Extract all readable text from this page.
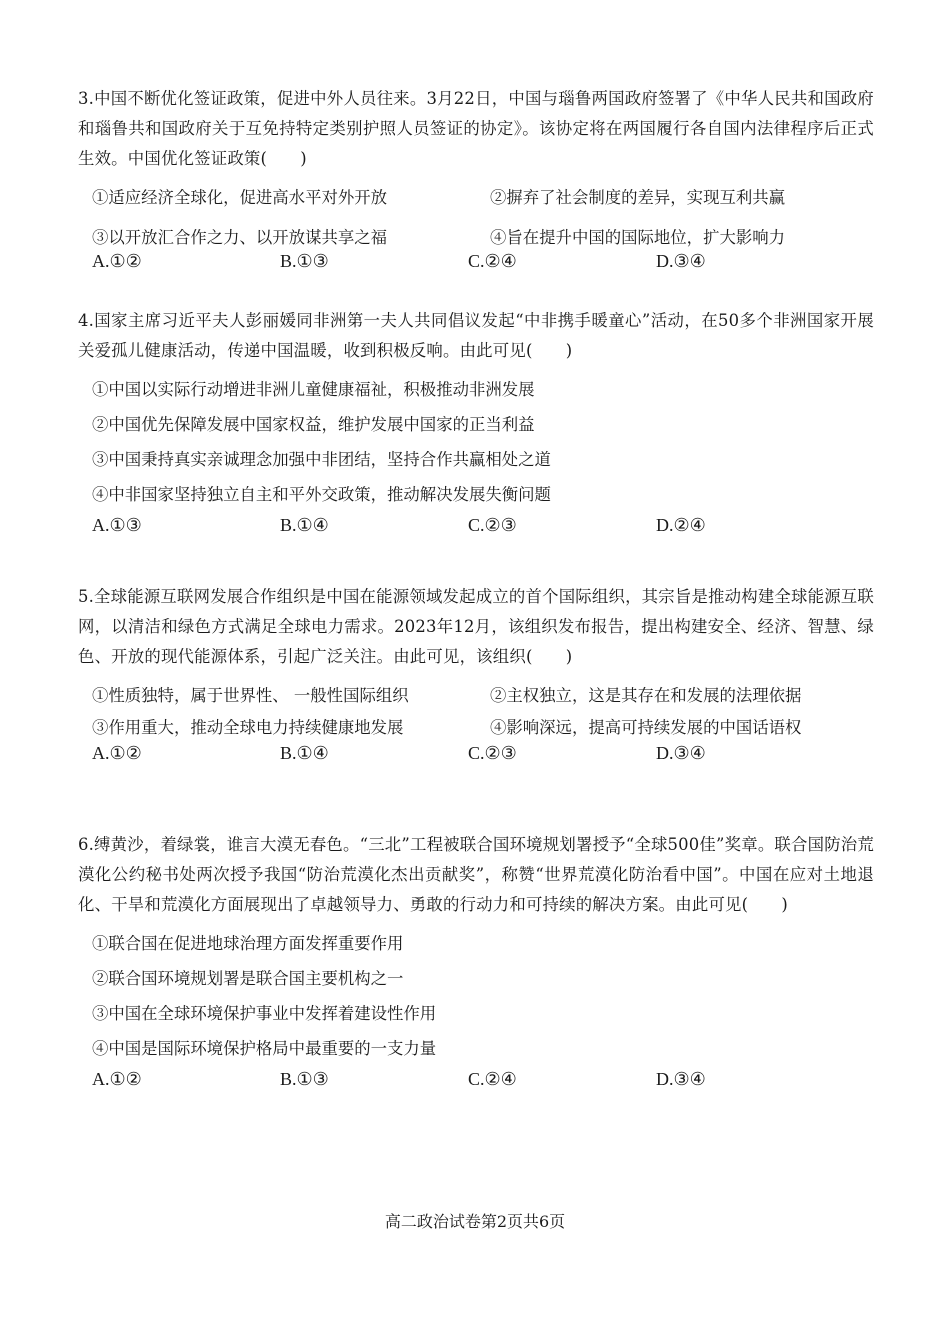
3.中国不断优化签证政策，促进中外人员往来。3月22日，中国与瑙鲁两国政府签署了《中华人民共和国政府和瑙鲁共和国政府关于互免持特定类别护照人员签证的协定》。该协定将在两国履行各自国内法律程序后正式生效。中国优化签证政策(　　)

①适应经济全球化，促进高水平对外开放	②摒弃了社会制度的差异，实现互利共赢
③以开放汇合作之力、以开放谋共享之福	④旨在提升中国的国际地位，扩大影响力
A.①②	B.①③	C.②④	D.③④

4.国家主席习近平夫人彭丽媛同非洲第一夫人共同倡议发起“中非携手暖童心”活动，在50多个非洲国家开展关爱孤儿健康活动，传递中国温暖，收到积极反响。由此可见(　　)

①中国以实际行动增进非洲儿童健康福祉，积极推动非洲发展
②中国优先保障发展中国家权益，维护发展中国家的正当利益
③中国秉持真实亲诚理念加强中非团结，坚持合作共赢相处之道
④中非国家坚持独立自主和平外交政策，推动解决发展失衡问题
A.①③	B.①④	C.②③	D.②④

5.全球能源互联网发展合作组织是中国在能源领域发起成立的首个国际组织，其宗旨是推动构建全球能源互联网，以清洁和绿色方式满足全球电力需求。2023年12月，该组织发布报告，提出构建安全、经济、智慧、绿色、开放的现代能源体系，引起广泛关注。由此可见，该组织(　　)

①性质独特，属于世界性、 一般性国际组织	②主权独立，这是其存在和发展的法理依据
③作用重大，推动全球电力持续健康地发展	④影响深远，提高可持续发展的中国话语权
A.①②	B.①④	C.②③	D.③④

6.缚黄沙，着绿裳，谁言大漠无春色。“三北”工程被联合国环境规划署授予“全球500佳”奖章。联合国防治荒漠化公约秘书处两次授予我国“防治荒漠化杰出贡献奖”，称赞“世界荒漠化防治看中国”。中国在应对土地退化、干旱和荒漠化方面展现出了卓越领导力、勇敢的行动力和可持续的解决方案。由此可见(　　)

①联合国在促进地球治理方面发挥重要作用
②联合国环境规划署是联合国主要机构之一
③中国在全球环境保护事业中发挥着建设性作用
④中国是国际环境保护格局中最重要的一支力量
A.①②	B.①③	C.②④	D.③④
高二政治试卷第2页共6页
